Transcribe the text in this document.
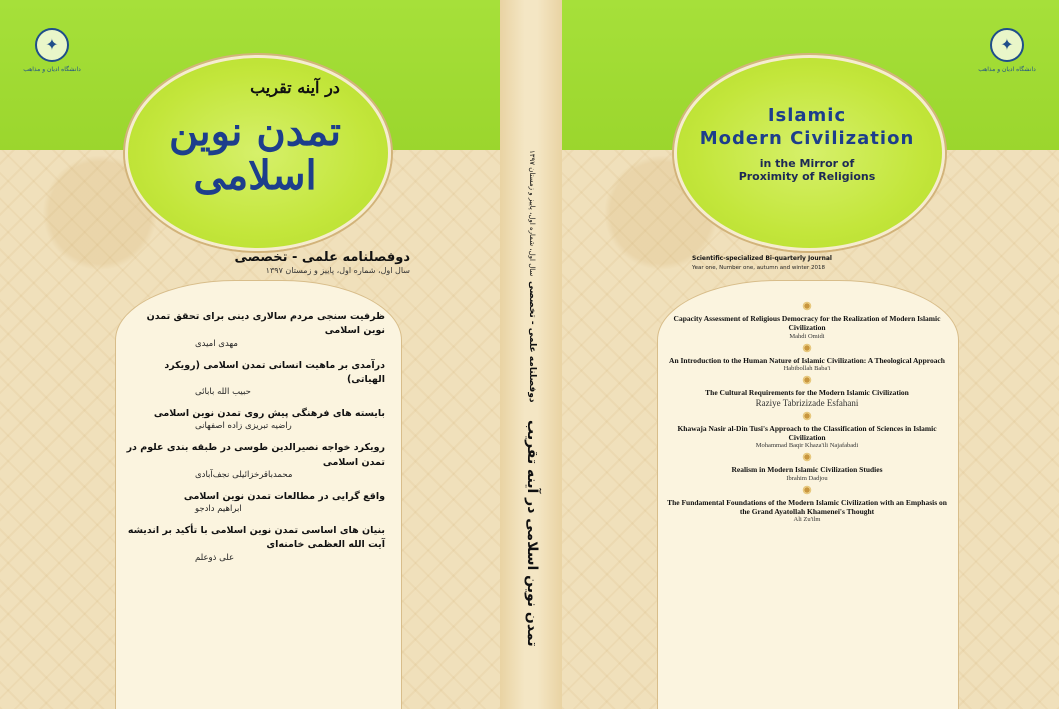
✦
دانشگاه ادیان و مذاهب
در آینه تقریب
تمدن نوین اسلامی
دوفصلنامه علمی - تخصصی
سال اول، شماره اول، پاییز و زمستان ۱۳۹۷
ظرفیت سنجی مردم سالاری دینی برای تحقق تمدن نوین اسلامی
مهدی امیدی
درآمدی بر ماهیت انسانی تمدن اسلامی (رویکرد الهیاتی)
حبیب الله بابائی
بایسته های فرهنگی پیش روی تمدن نوین اسلامی
راضیه تبریزی زاده اصفهانی
رویکرد خواجه نصیرالدین طوسی در طبقه بندی علوم در تمدن اسلامی
محمدباقرخزائیلی نجف‌آبادی
واقع گرایی در مطالعات تمدن نوین اسلامی
ابراهیم دادجو
بنیان های اساسی تمدن نوین اسلامی با تأکید بر اندیشه آیت الله العظمی خامنه‌ای
علی ذوعلم	تمدن نوین اسلامی در آینه تقریب دوفصلنامه علمی - تخصصی سال اول، شماره اول، پاییز و زمستان ۱۳۹۷
✦
دانشگاه ادیان و مذاهب
Islamic
Modern Civilization
in the Mirror of
Proximity of Religions
Scientific-specialized Bi-quarterly Journal
Year one, Number one, autumn and winter 2018
Capacity Assessment of Religious Democracy for the Realization of Modern Islamic Civilization
Mahdi Omidi
An Introduction to the Human Nature of Islamic Civilization: A Theological Approach
Habibollah Baba'i
The Cultural Requirements for the Modern Islamic Civilization
Raziye Tabrizizade Esfahani
Khawaja Nasir al-Din Tusi's Approach to the Classification of Sciences in Islamic Civilization
Mohammad Baqir Khaza'ili Najafabadi
Realism in Modern Islamic Civilization Studies
Ibrahim Dadjou
The Fundamental Foundations of the Modern Islamic Civilization with an Emphasis on the Grand Ayatollah Khamenei's Thought
Ali Zu'ilm
